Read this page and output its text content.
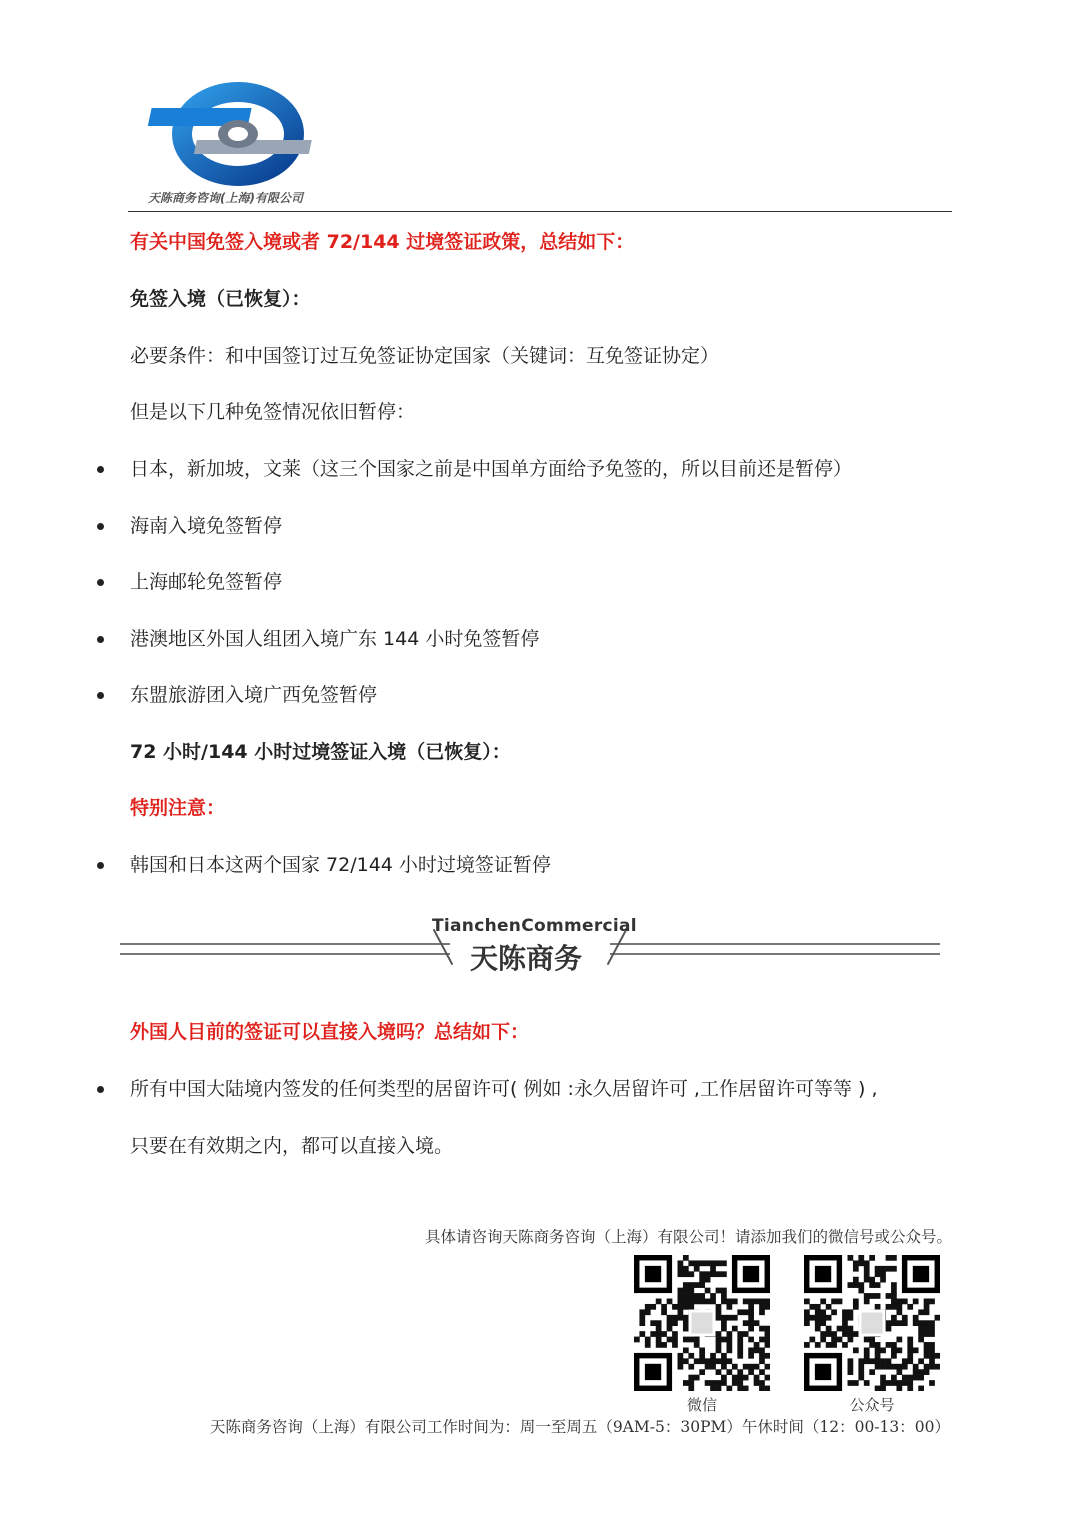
天陈商务咨询(上海)有限公司
有关中国免签入境或者 72/144 过境签证政策，总结如下：
免签入境（已恢复）：
必要条件：和中国签订过互免签证协定国家（关键词：互免签证协定）
但是以下几种免签情况依旧暂停：
日本，新加坡，文莱（这三个国家之前是中国单方面给予免签的，所以目前还是暂停）
海南入境免签暂停
上海邮轮免签暂停
港澳地区外国人组团入境广东 144 小时免签暂停
东盟旅游团入境广西免签暂停
72 小时/144 小时过境签证入境（已恢复）：
特别注意：
韩国和日本这两个国家 72/144 小时过境签证暂停
TianchenCommercial
天陈商务
外国人目前的签证可以直接入境吗？总结如下：
所有中国大陆境内签发的任何类型的居留许可( 例如 :永久居留许可 ,工作居留许可等等 ) ,
只要在有效期之内，都可以直接入境。
具体请咨询天陈商务咨询（上海）有限公司！请添加我们的微信号或公众号。
微信	公众号
天陈商务咨询（上海）有限公司工作时间为：周一至周五（9AM-5：30PM）午休时间（12：00-13：00）
